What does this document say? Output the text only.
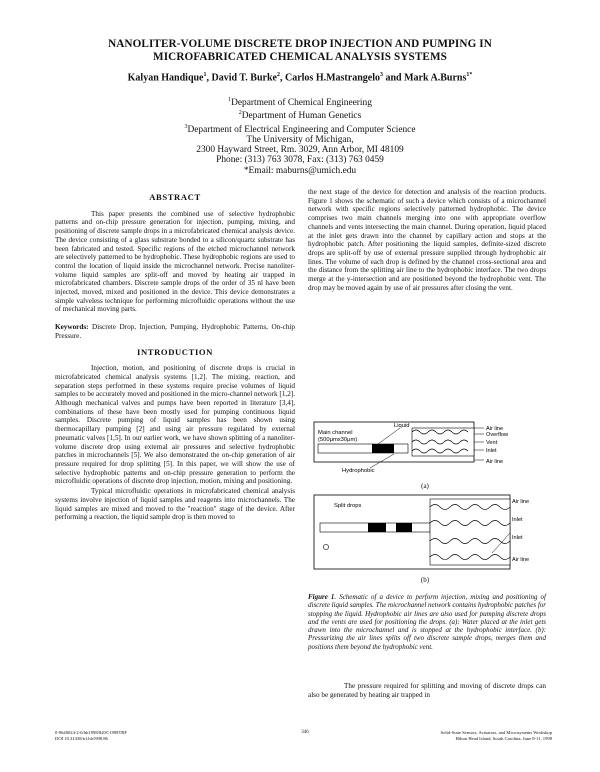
NANOLITER-VOLUME DISCRETE DROP INJECTION AND PUMPING IN
MICROFABRICATED CHEMICAL ANALYSIS SYSTEMS
Kalyan Handique$^1$, David T. Burke$^2$, Carlos H.Mastrangelo$^3$ and Mark A.Burns$^{1*}$
$^1$Department of Chemical Engineering
$^2$Department of Human Genetics
$^3$Department of Electrical Engineering and Computer Science
The University of Michigan,
2300 Hayward Street, Rm. 3029, Ann Arbor, MI 48109
Phone: (313) 763 3078, Fax: (313) 763 0459
*Email: maburns@umich.edu
ABSTRACT
This paper presents the combined use of selective hydrophobic patterns and on-chip pressure generation for injection, pumping, mixing, and positioning of discrete sample drops in a microfabricated chemical analysis device. The device consisting of a glass substrate bonded to a silicon/quartz substrate has been fabricated and tested. Specific regions of the etched microchannel network are selectively patterned to be hydrophobic. These hydrophobic regions are used to control the location of liquid inside the microchannel network. Precise nanoliter-volume liquid samples are split-off and moved by heating air trapped in microfabricated chambers. Discrete sample drops of the order of 35 nl have been injected, moved, mixed and positioned in the device. This device demonstrates a simple valveless technique for performing microfluidic operations without the use of mechanical moving parts.
Keywords: Discrete Drop, Injection, Pumping, Hydrophobic Patterns, On-chip Pressure.
INTRODUCTION
Injection, motion, and positioning of discrete drops is crucial in microfabricated chemical analysis systems [1,2]. The mixing, reaction, and separation steps performed in these systems require precise volumes of liquid samples to be accurately moved and positioned in the micro-channel network [1,2]. Although mechanical valves and pumps have been reported in literature [3,4], combinations of these have been mostly used for pumping continuous liquid samples. Discrete pumping of liquid samples has been shown using thermocapillary pumping [2] and using air pressure regulated by external pneumatic valves [1,5]. In our earlier work, we have shown splitting of a nanoliter-volume discrete drop using external air pressures and selective hydrophobic patches in microchannels [5]. We also demonstrated the on-chip generation of air pressure required for drop splitting [5]. In this paper, we will show the use of selective hydrophobic patterns and on-chip pressure generation to perform the microfluidic operations of discrete drop injection, motion, mixing and positioning.
Typical microfluidic operations in microfabricated chemical analysis systems involve injection of liquid samples and reagents into microchannels. The liquid samples are mixed and moved to the "reaction" stage of the device. After performing a reaction, the liquid sample drop is then moved to
the next stage of the device for detection and analysis of the reaction products. Figure 1 shows the schematic of such a device which consists of a microchannel network with specific regions selectively patterned hydrophobic. The device comprises two main channels merging into one with appropriate overflow channels and vents intersecting the main channel. During operation, liquid placed at the inlet gets drawn into the channel by capillary action and stops at the hydrophobic patch. After positioning the liquid samples, definite-sized discrete drops are split-off by use of external pressure supplied through hydrophobic air lines. The volume of each drop is defined by the channel cross-sectional area and the distance from the splitting air line to the hydrophobic interface. The two drops merge at the y-intersection and are positioned beyond the hydrophobic vent. The drop may be moved again by use of air pressures after closing the vent.
Liquid
Main channel
(500μmx30μm)
Hydrophobic
Air line
Overflow
Vent
Inlet
Air line
(a)
Split drops
Air line
Inlet
Inlet
Air line
(b)
Figure 1. Schematic of a device to perform injection, mixing and positioning of discrete liquid samples. The microchannel network contains hydrophobic patches for stopping the liquid. Hydrophobic air lines are also used for pumping discrete drops and the vents are used for positioning the drops. (a): Water placed at the inlet gets drawn into the microchannel and is stopped at the hydrophobic interface. (b): Pressurizing the air lines splits off two discrete sample drops, merges them and positions them beyond the hydrophobic vent.
The pressure required for splitting and moving of discrete drops can also be generated by heating air trapped in
0-9640024-2-6/hh1998/$20©1998TRF
DOI 10.31438/trf.hh1998.86
346	Solid-State Sensors, Actuators, and Microsystems Workshop
Hilton Head Island, South Carolina, June 8-11, 1998
